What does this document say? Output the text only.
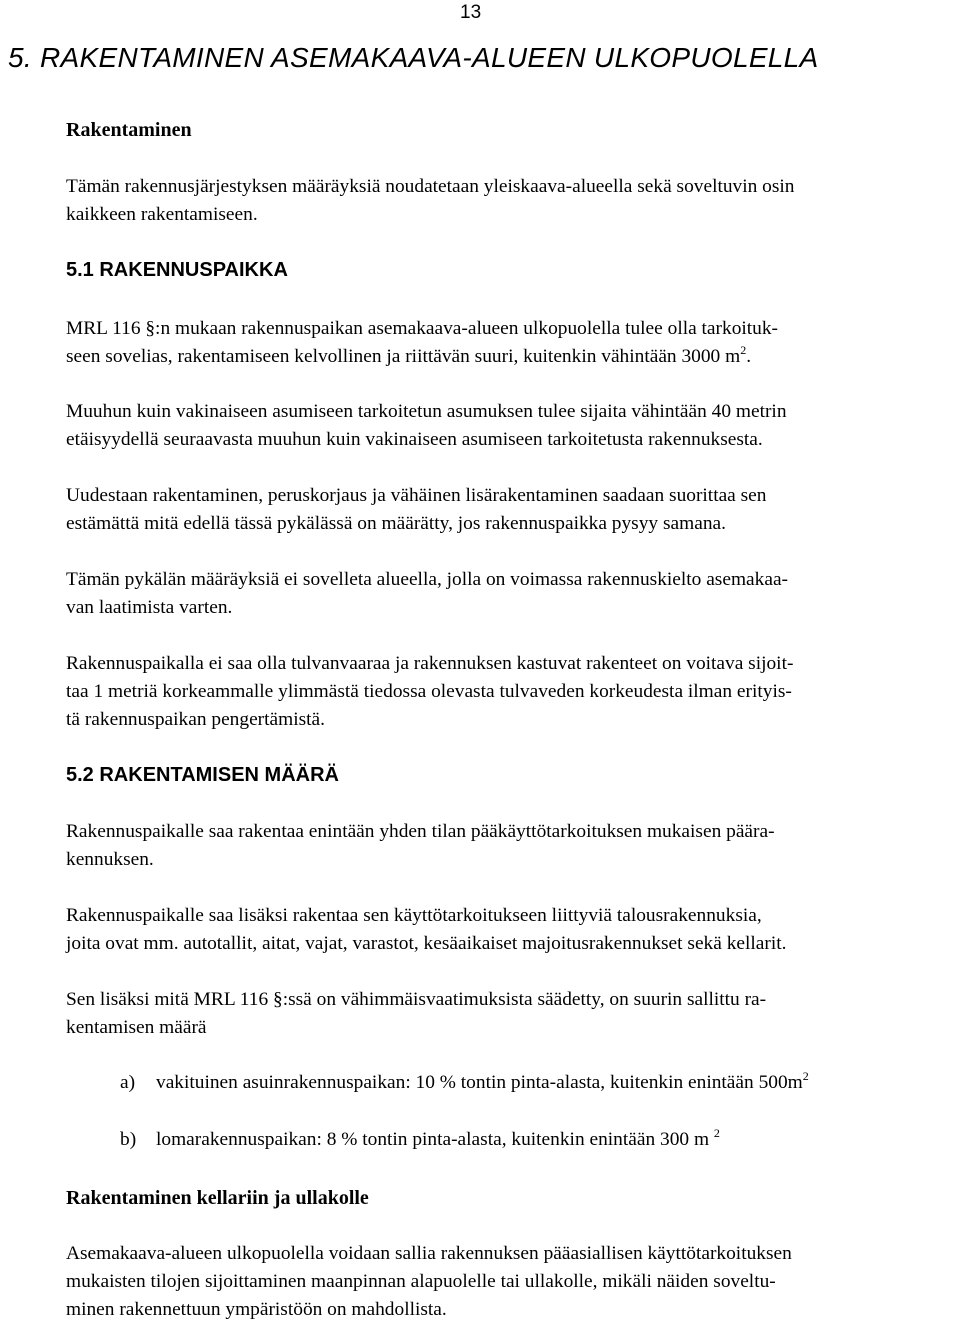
13
5. RAKENTAMINEN ASEMAKAAVA-ALUEEN ULKOPUOLELLA
Rakentaminen
Tämän rakennusjärjestyksen määräyksiä noudatetaan yleiskaava-alueella sekä soveltuvin osin
kaikkeen rakentamiseen.
5.1 RAKENNUSPAIKKA
MRL 116 §:n mukaan rakennuspaikan asemakaava-alueen ulkopuolella tulee olla tarkoituk-
seen sovelias, rakentamiseen kelvollinen ja riittävän suuri, kuitenkin vähintään 3000 $m^2$.
Muuhun kuin vakinaiseen asumiseen tarkoitetun asumuksen tulee sijaita vähintään 40 metrin
etäisyydellä seuraavasta muuhun kuin vakinaiseen asumiseen tarkoitetusta rakennuksesta.
Uudestaan rakentaminen, peruskorjaus ja vähäinen lisärakentaminen saadaan suorittaa sen
estämättä mitä edellä tässä pykälässä on määrätty, jos rakennuspaikka pysyy samana.
Tämän pykälän määräyksiä ei sovelleta alueella, jolla on voimassa rakennuskielto asemakaa-
van laatimista varten.
Rakennuspaikalla ei saa olla tulvanvaaraa ja rakennuksen kastuvat rakenteet on voitava sijoit-
taa 1 metriä korkeammalle ylimmästä tiedossa olevasta tulvaveden korkeudesta ilman erityis-
tä rakennuspaikan pengertämistä.
5.2 RAKENTAMISEN MÄÄRÄ
Rakennuspaikalle saa rakentaa enintään yhden tilan pääkäyttötarkoituksen mukaisen päära-
kennuksen.
Rakennuspaikalle saa lisäksi rakentaa sen käyttötarkoitukseen liittyviä talousrakennuksia,
joita ovat mm. autotallit, aitat, vajat, varastot, kesäaikaiset majoitusrakennukset sekä kellarit.
Sen lisäksi mitä MRL 116 §:ssä on vähimmäisvaatimuksista säädetty, on suurin sallittu ra-
kentamisen määrä
a) vakituinen asuinrakennuspaikan: 10 % tontin pinta-alasta, kuitenkin enintään $500m^2$
b) lomarakennuspaikan: 8 % tontin pinta-alasta, kuitenkin enintään 300 m $^2$
Rakentaminen kellariin ja ullakolle
Asemakaava-alueen ulkopuolella voidaan sallia rakennuksen pääasiallisen käyttötarkoituksen
mukaisten tilojen sijoittaminen maanpinnan alapuolelle tai ullakolle, mikäli näiden soveltu-
minen rakennettuun ympäristöön on mahdollista.
